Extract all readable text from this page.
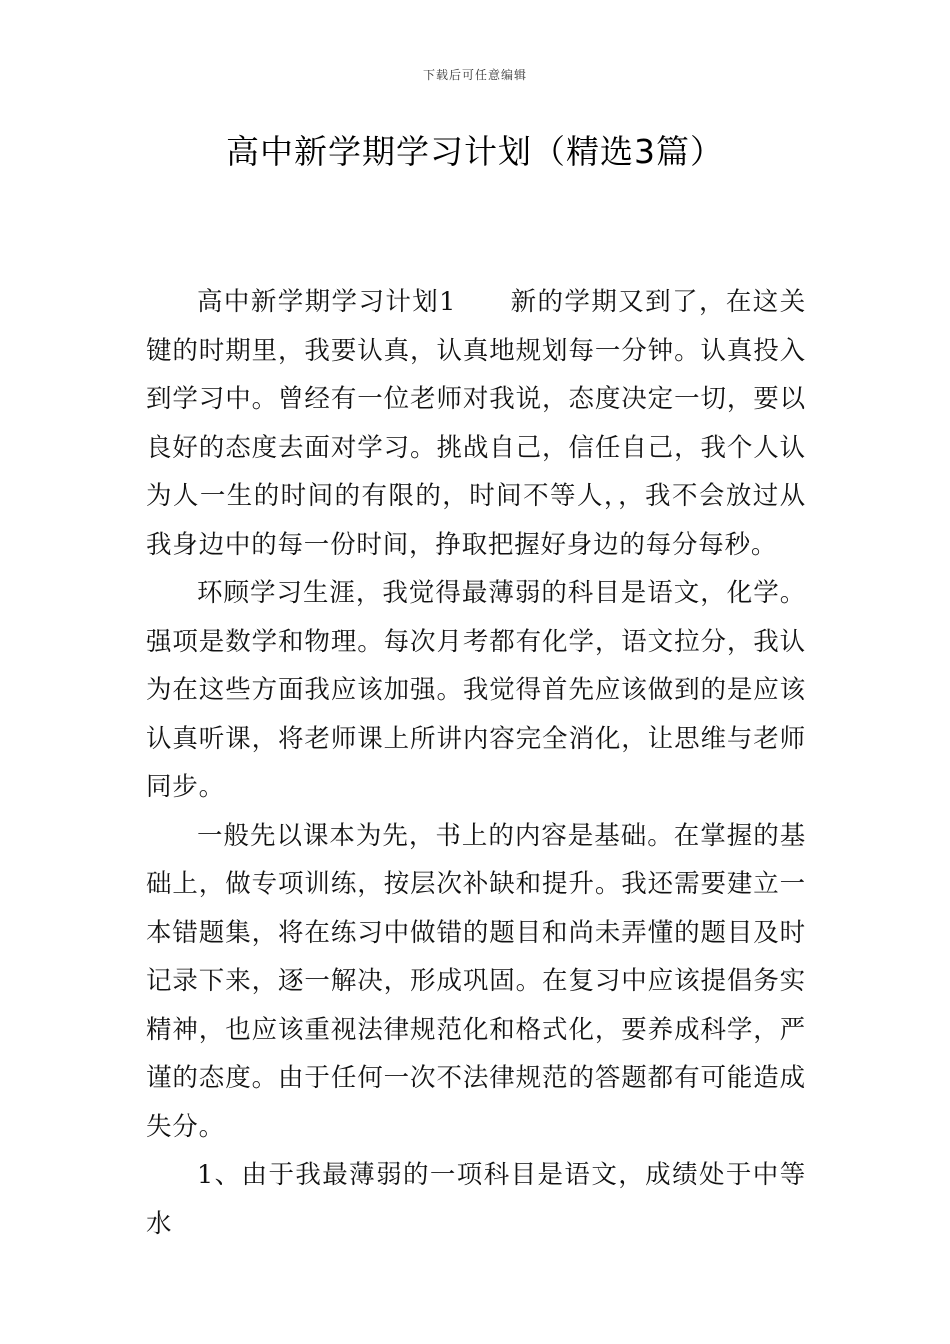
下载后可任意编辑
高中新学期学习计划（精选3篇）

高中新学期学习计划1　　新的学期又到了，在这关键的时期里，我要认真，认真地规划每一分钟。认真投入到学习中。曾经有一位老师对我说，态度决定一切，要以良好的态度去面对学习。挑战自己，信任自己，我个人认为人一生的时间的有限的，时间不等人，，我不会放过从我身边中的每一份时间，挣取把握好身边的每分每秒。

环顾学习生涯，我觉得最薄弱的科目是语文，化学。强项是数学和物理。每次月考都有化学，语文拉分，我认为在这些方面我应该加强。我觉得首先应该做到的是应该认真听课，将老师课上所讲内容完全消化，让思维与老师同步。

一般先以课本为先，书上的内容是基础。在掌握的基础上，做专项训练，按层次补缺和提升。我还需要建立一本错题集，将在练习中做错的题目和尚未弄懂的题目及时记录下来，逐一解决，形成巩固。在复习中应该提倡务实精神，也应该重视法律规范化和格式化，要养成科学，严谨的态度。由于任何一次不法律规范的答题都有可能造成失分。

1、由于我最薄弱的一项科目是语文，成绩处于中等水
